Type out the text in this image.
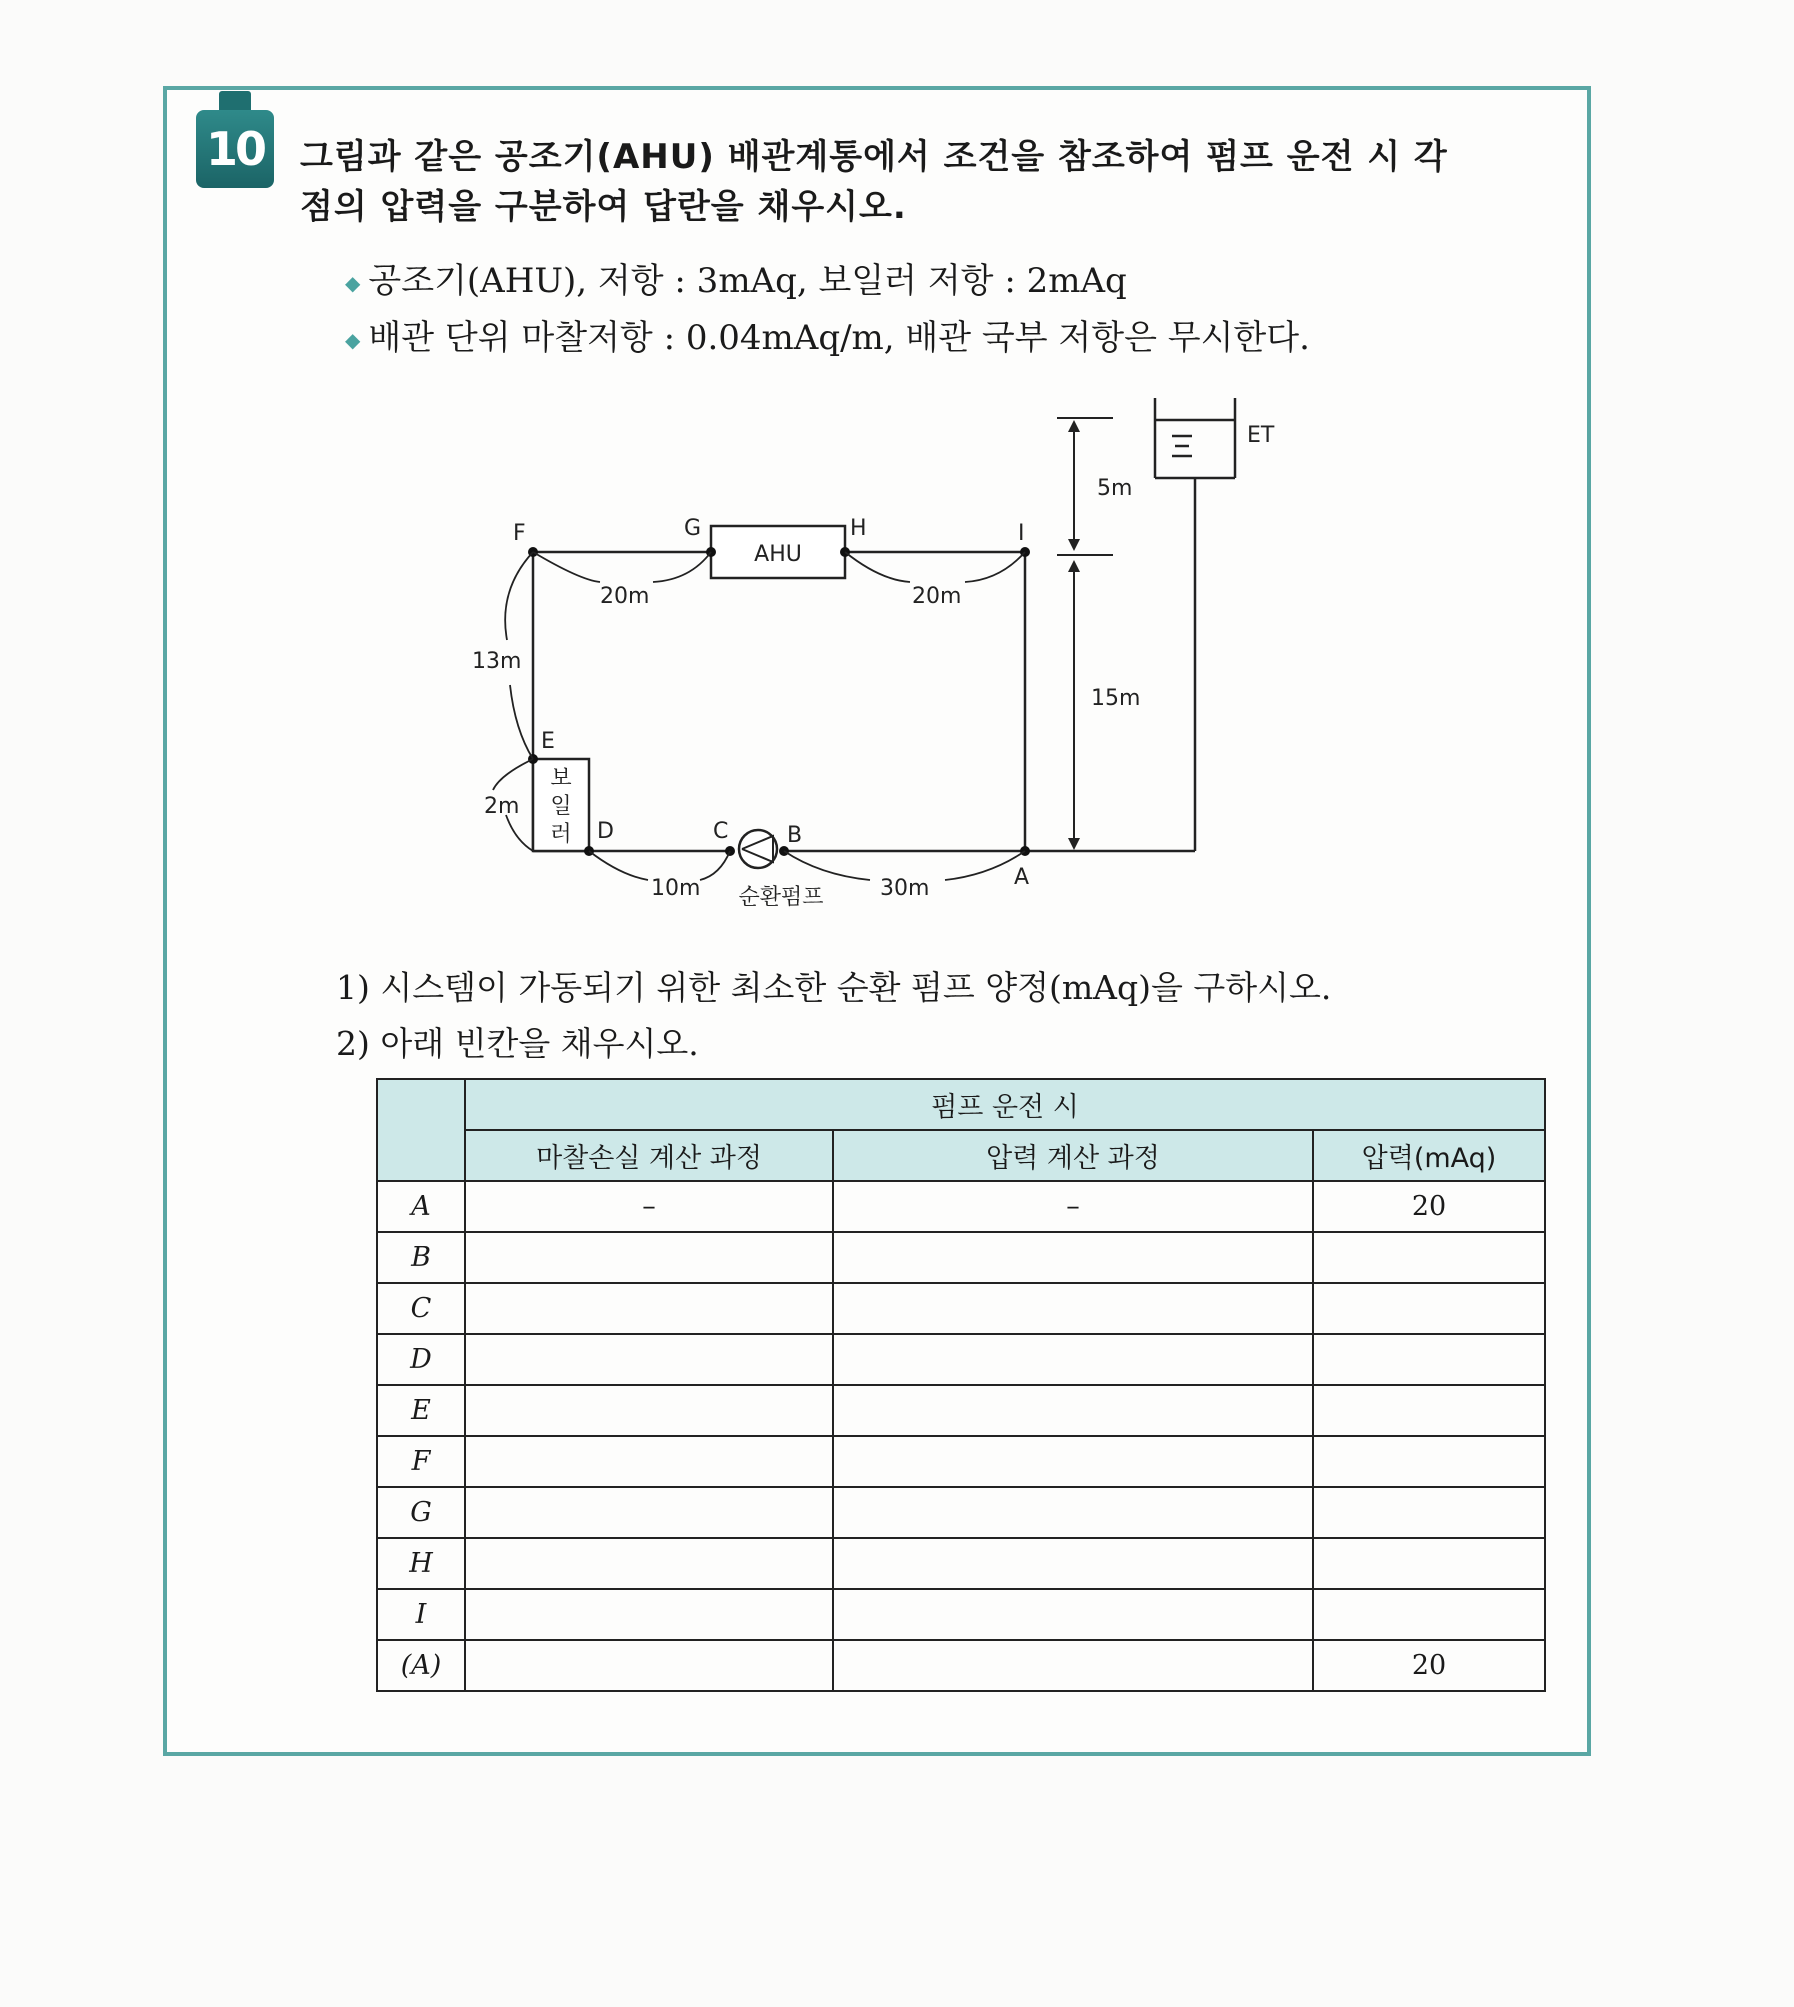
10 그림과 같은 공조기(AHU) 배관계통에서 조건을 참조하여 펌프 운전 시 각
점의 압력을 구분하여 답란을 채우시오.
◆ 공조기(AHU), 저항 : 3mAq, 보일러 저항 : 2mAq
◆ 배관 단위 마찰저항 : 0.04mAq/m, 배관 국부 저항은 무시한다.
AHU
ET
5m
15m
보
일
러
순환펌프
F	G	H	I
E
D	C	B
A
20m	20m
13m
2m
10m	30m
1) 시스템이 가동되기 위한 최소한 순환 펌프 양정(mAq)을 구하시오.
2) 아래 빈칸을 채우시오.
	펌프 운전 시		
	마찰손실 계산 과정	압력 계산 과정	압력(mAq)
A	–	–	20
B			
C			
D			
E			
F			
G			
H			
I			
(A)			20
